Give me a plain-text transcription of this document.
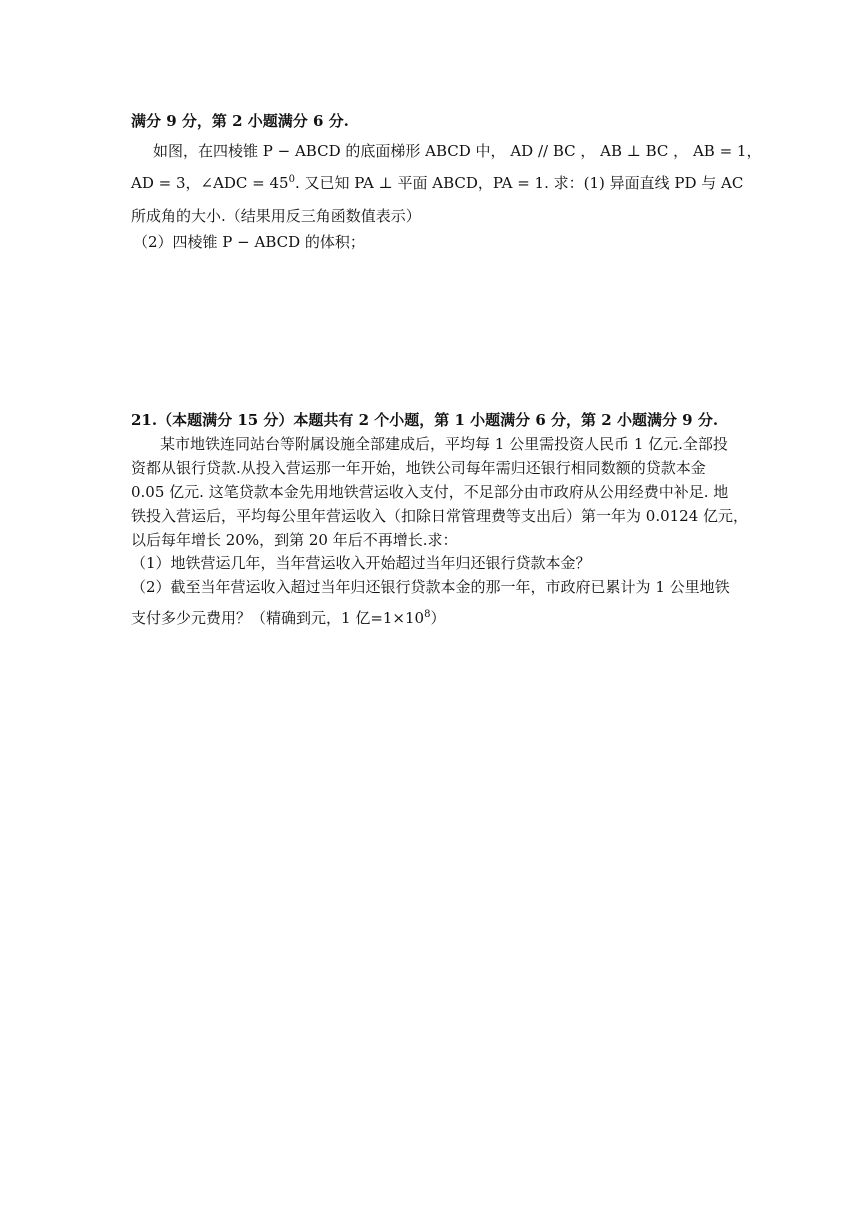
满分 9 分，第 2 小题满分 6 分.
如图，在四棱锥 P − ABCD 的底面梯形 ABCD 中， AD // BC ， AB ⊥ BC ， AB = 1，
AD = 3，∠ADC = $45^0$. 又已知 PA ⊥ 平面 ABCD，PA = 1. 求：(1) 异面直线 PD 与 AC
所成角的大小.（结果用反三角函数值表示）
（2）四棱锥 P − ABCD 的体积；
21.（本题满分 15 分）本题共有 2 个小题，第 1 小题满分 6 分，第 2 小题满分 9 分.
某市地铁连同站台等附属设施全部建成后，平均每 1 公里需投资人民币 1 亿元.全部投
资都从银行贷款.从投入营运那一年开始，地铁公司每年需归还银行相同数额的贷款本金
0.05 亿元. 这笔贷款本金先用地铁营运收入支付，不足部分由市政府从公用经费中补足. 地
铁投入营运后，平均每公里年营运收入（扣除日常管理费等支出后）第一年为 0.0124 亿元，
以后每年增长 20%，到第 20 年后不再增长.求：
（1）地铁营运几年，当年营运收入开始超过当年归还银行贷款本金？
（2）截至当年营运收入超过当年归还银行贷款本金的那一年，市政府已累计为 1 公里地铁
支付多少元费用？（精确到元，1 亿$=1\times 10^8$）
